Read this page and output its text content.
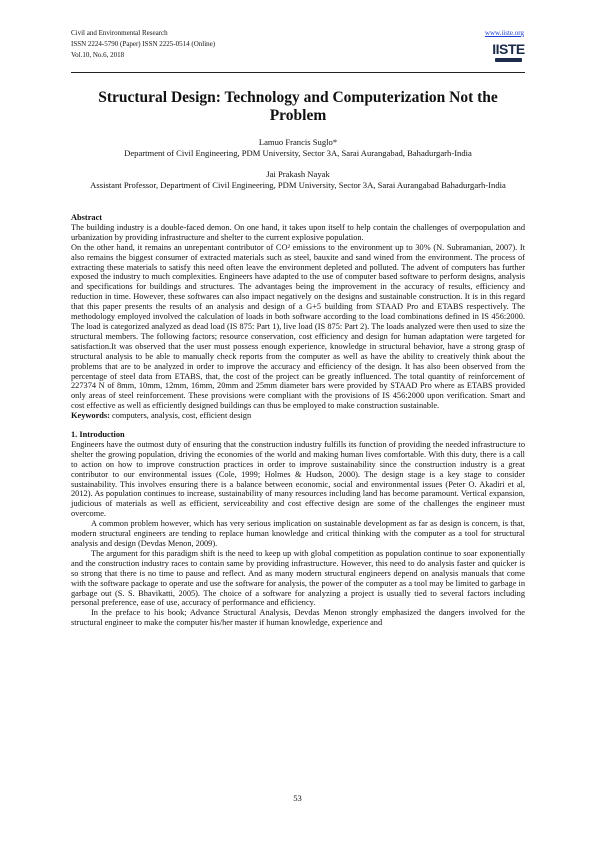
Civil and Environmental Research
ISSN 2224-5790 (Paper) ISSN 2225-0514 (Online)
Vol.10, No.6, 2018
www.iiste.org
IISTE
Structural Design: Technology and Computerization Not the Problem
Lamuo Francis Suglo*
Department of Civil Engineering, PDM University, Sector 3A, Sarai Aurangabad, Bahadurgarh-India
Jai Prakash Nayak
Assistant Professor, Department of Civil Engineering, PDM University, Sector 3A, Sarai Aurangabad Bahadurgarh-India

Abstract

The building industry is a double-faced demon. On one hand, it takes upon itself to help contain the challenges of overpopulation and urbanization by providing infrastructure and shelter to the current explosive population.

On the other hand, it remains an unrepentant contributor of CO² emissions to the environment up to 30% (N. Subramanian, 2007). It also remains the biggest consumer of extracted materials such as steel, bauxite and sand wined from the environment. The process of extracting these materials to satisfy this need often leave the environment depleted and polluted. The advent of computers has further exposed the industry to much complexities. Engineers have adapted to the use of computer based software to perform designs, analysis and specifications for buildings and structures. The advantages being the improvement in the accuracy of results, efficiency and reduction in time. However, these softwares can also impact negatively on the designs and sustainable construction. It is in this regard that this paper presents the results of an analysis and design of a G+5 building from STAAD Pro and ETABS respectively. The methodology employed involved the calculation of loads in both software according to the load combinations defined in IS 456:2000. The load is categorized analyzed as dead load (IS 875: Part 1), live load (IS 875: Part 2). The loads analyzed were then used to size the structural members. The following factors; resource conservation, cost efficiency and design for human adaptation were targeted for satisfaction.It was observed that the user must possess enough experience, knowledge in structural behavior, have a strong grasp of structural analysis to be able to manually check reports from the computer as well as have the ability to creatively think about the problems that are to be analyzed in order to improve the accuracy and efficiency of the design. It has also been observed from the percentage of steel data from ETABS, that, the cost of the project can be greatly influenced. The total quantity of reinforcement of 227374 N of 8mm, 10mm, 12mm, 16mm, 20mm and 25mm diameter bars were provided by STAAD Pro where as ETABS provided only areas of steel reinforcement. These provisions were compliant with the provisions of IS 456:2000 upon verification. Smart and cost effective as well as efficiently designed buildings can thus be employed to make construction sustainable.

Keywords: computers, analysis, cost, efficient design

1. Introduction

Engineers have the outmost duty of ensuring that the construction industry fulfills its function of providing the needed infrastructure to shelter the growing population, driving the economies of the world and making human lives comfortable. With this duty, there is a call to action on how to improve construction practices in order to improve sustainability since the construction industry is a great contributor to our environmental issues (Cole, 1999; Holmes & Hudson, 2000). The design stage is a key stage to consider sustainability. This involves ensuring there is a balance between economic, social and environmental issues (Peter O. Akadiri et al, 2012). As population continues to increase, sustainability of many resources including land has become paramount. Vertical expansion, judicious of materials as well as efficient, serviceability and cost effective design are some of the challenges the engineer must overcome.

A common problem however, which has very serious implication on sustainable development as far as design is concern, is that, modern structural engineers are tending to replace human knowledge and critical thinking with the computer as a tool for structural analysis and design (Devdas Menon, 2009).

The argument for this paradigm shift is the need to keep up with global competition as population continue to soar exponentially and the construction industry races to contain same by providing infrastructure. However, this need to do analysis faster and quicker is so strong that there is no time to pause and reflect. And as many modern structural engineers depend on analysis manuals that come with the software package to operate and use the software for analysis, the power of the computer as a tool may be limited to garbage in garbage out (S. S. Bhavikatti, 2005). The choice of a software for analyzing a project is usually tied to several factors including personal preference, ease of use, accuracy of performance and efficiency.

In the preface to his book; Advance Structural Analysis, Devdas Menon strongly emphasized the dangers involved for the structural engineer to make the computer his/her master if human knowledge, experience and

53
